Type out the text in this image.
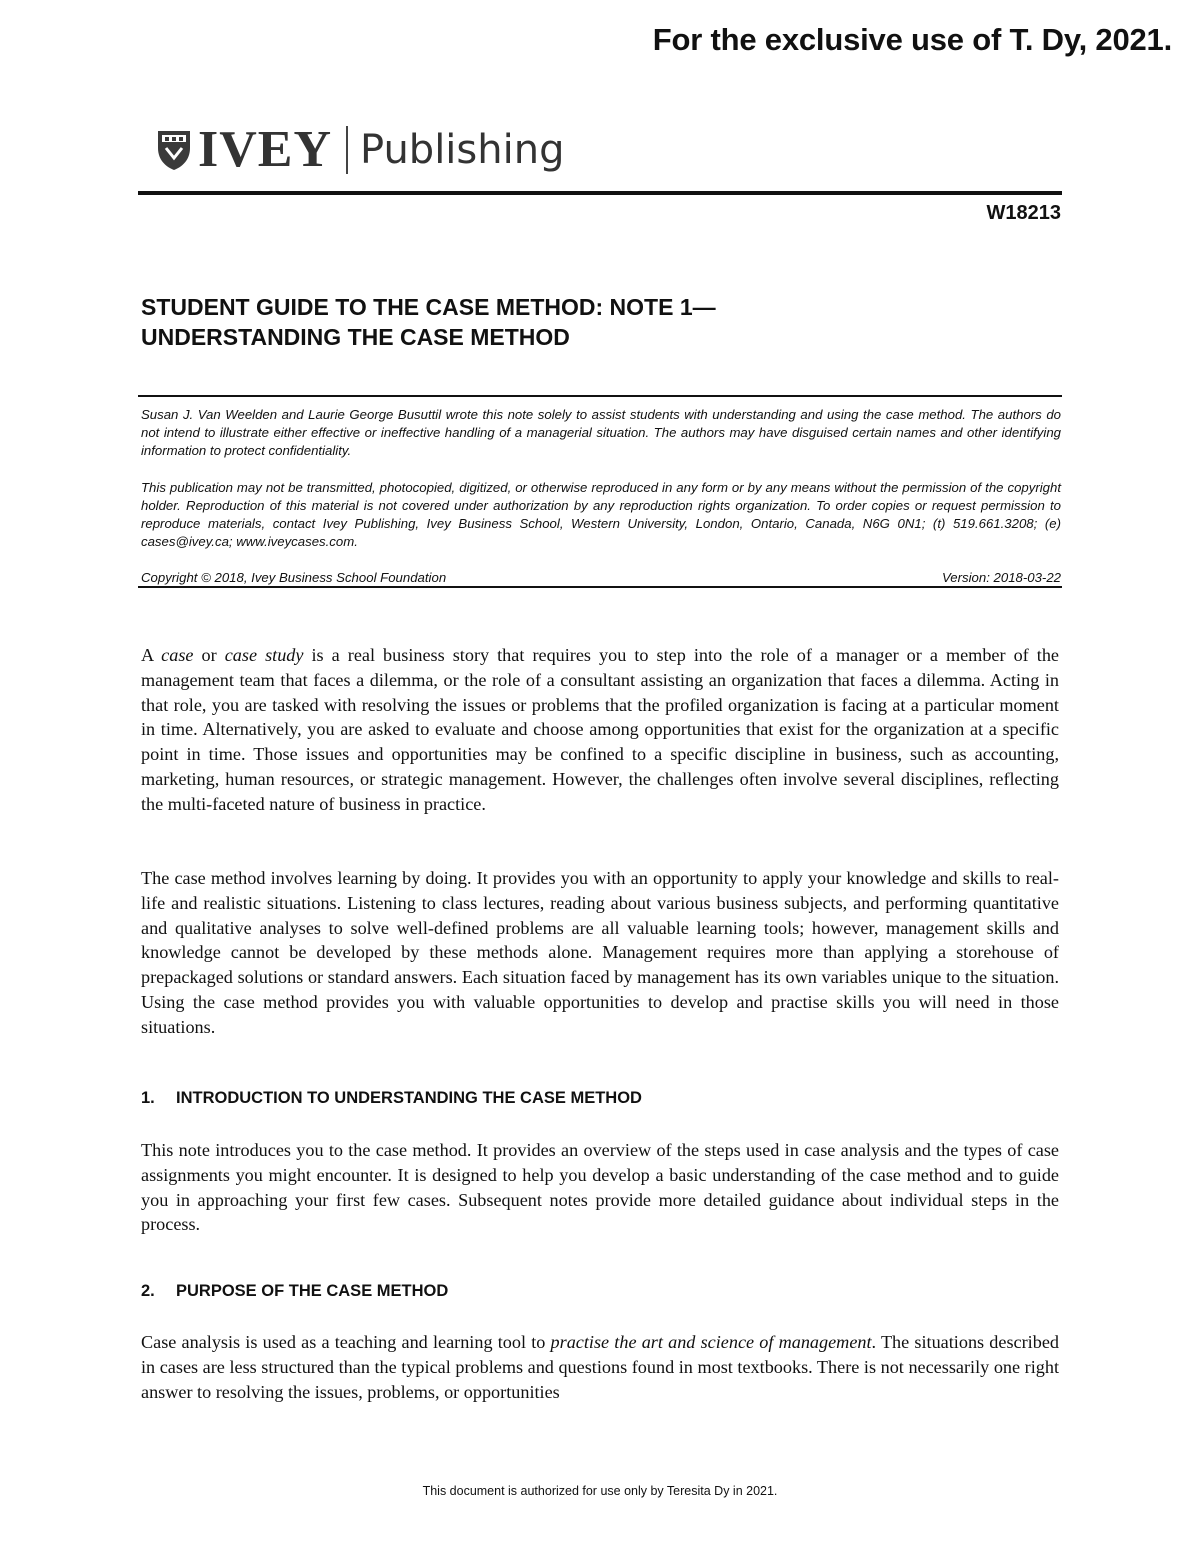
For the exclusive use of T. Dy, 2021.
IVEY Publishing
W18213
STUDENT GUIDE TO THE CASE METHOD: NOTE 1—
UNDERSTANDING THE CASE METHOD
Susan J. Van Weelden and Laurie George Busuttil wrote this note solely to assist students with understanding and using the case method. The authors do not intend to illustrate either effective or ineffective handling of a managerial situation. The authors may have disguised certain names and other identifying information to protect confidentiality.
This publication may not be transmitted, photocopied, digitized, or otherwise reproduced in any form or by any means without the permission of the copyright holder. Reproduction of this material is not covered under authorization by any reproduction rights organization. To order copies or request permission to reproduce materials, contact Ivey Publishing, Ivey Business School, Western University, London, Ontario, Canada, N6G 0N1; (t) 519.661.3208; (e) cases@ivey.ca; www.iveycases.com.
Copyright © 2018, Ivey Business School Foundation	Version: 2018-03-22
A case or case study is a real business story that requires you to step into the role of a manager or a member of the management team that faces a dilemma, or the role of a consultant assisting an organization that faces a dilemma. Acting in that role, you are tasked with resolving the issues or problems that the profiled organization is facing at a particular moment in time. Alternatively, you are asked to evaluate and choose among opportunities that exist for the organization at a specific point in time. Those issues and opportunities may be confined to a specific discipline in business, such as accounting, marketing, human resources, or strategic management. However, the challenges often involve several disciplines, reflecting the multi-faceted nature of business in practice.
The case method involves learning by doing. It provides you with an opportunity to apply your knowledge and skills to real-life and realistic situations. Listening to class lectures, reading about various business subjects, and performing quantitative and qualitative analyses to solve well-defined problems are all valuable learning tools; however, management skills and knowledge cannot be developed by these methods alone. Management requires more than applying a storehouse of prepackaged solutions or standard answers. Each situation faced by management has its own variables unique to the situation. Using the case method provides you with valuable opportunities to develop and practise skills you will need in those situations.
1. INTRODUCTION TO UNDERSTANDING THE CASE METHOD
This note introduces you to the case method. It provides an overview of the steps used in case analysis and the types of case assignments you might encounter. It is designed to help you develop a basic understanding of the case method and to guide you in approaching your first few cases. Subsequent notes provide more detailed guidance about individual steps in the process.
2. PURPOSE OF THE CASE METHOD
Case analysis is used as a teaching and learning tool to practise the art and science of management. The situations described in cases are less structured than the typical problems and questions found in most textbooks. There is not necessarily one right answer to resolving the issues, problems, or opportunities
This document is authorized for use only by Teresita Dy in 2021.
